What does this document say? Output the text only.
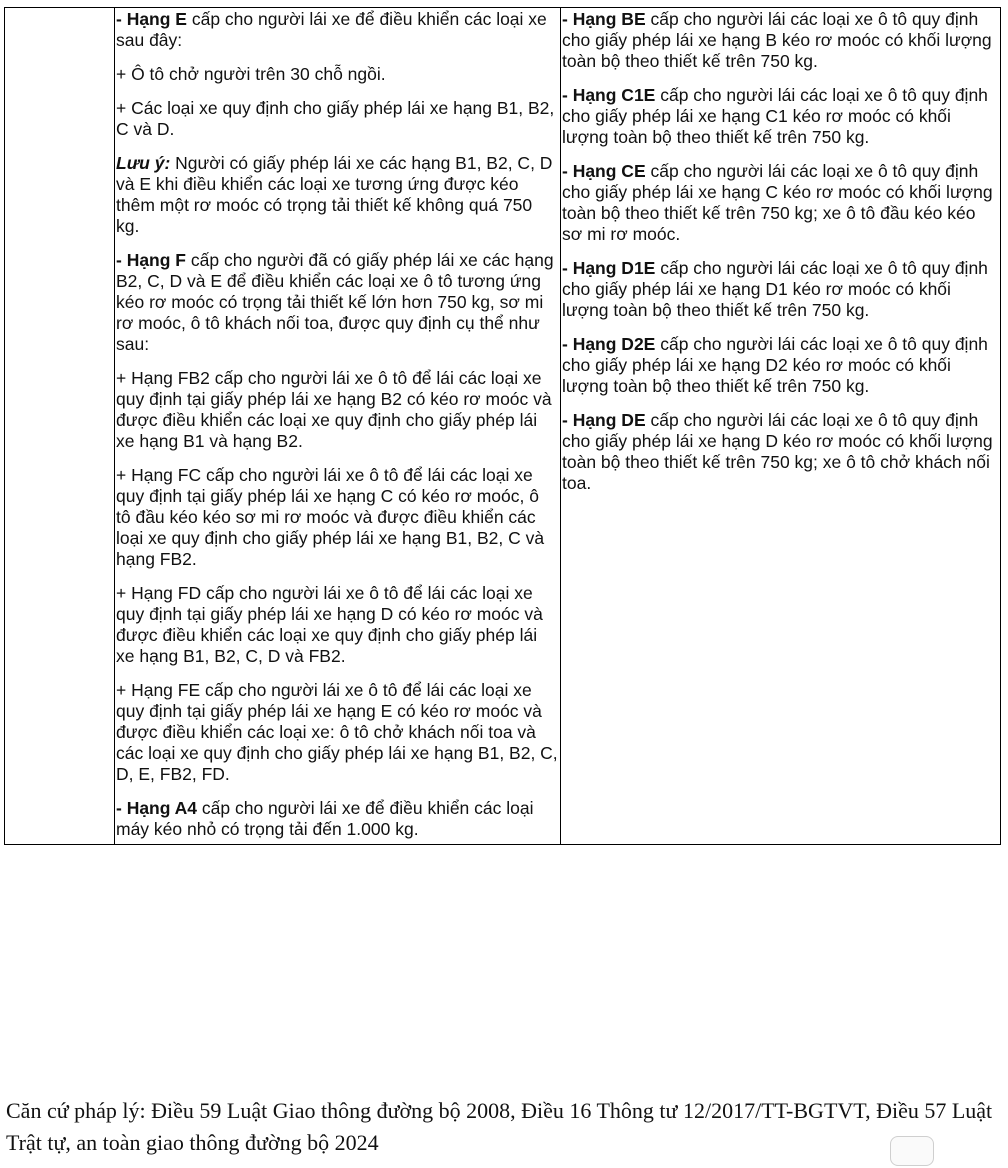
- Hạng E cấp cho người lái xe để điều khiển các loại xe sau đây:
+ Ô tô chở người trên 30 chỗ ngồi.
+ Các loại xe quy định cho giấy phép lái xe hạng B1, B2, C và D.
Lưu ý: Người có giấy phép lái xe các hạng B1, B2, C, D và E khi điều khiển các loại xe tương ứng được kéo thêm một rơ moóc có trọng tải thiết kế không quá 750 kg.
- Hạng F cấp cho người đã có giấy phép lái xe các hạng B2, C, D và E để điều khiển các loại xe ô tô tương ứng kéo rơ moóc có trọng tải thiết kế lớn hơn 750 kg, sơ mi rơ moóc, ô tô khách nối toa, được quy định cụ thể như sau:
+ Hạng FB2 cấp cho người lái xe ô tô để lái các loại xe quy định tại giấy phép lái xe hạng B2 có kéo rơ moóc và được điều khiển các loại xe quy định cho giấy phép lái xe hạng B1 và hạng B2.
+ Hạng FC cấp cho người lái xe ô tô để lái các loại xe quy định tại giấy phép lái xe hạng C có kéo rơ moóc, ô tô đầu kéo kéo sơ mi rơ moóc và được điều khiển các loại xe quy định cho giấy phép lái xe hạng B1, B2, C và hạng FB2.
+ Hạng FD cấp cho người lái xe ô tô để lái các loại xe quy định tại giấy phép lái xe hạng D có kéo rơ moóc và được điều khiển các loại xe quy định cho giấy phép lái xe hạng B1, B2, C, D và FB2.
+ Hạng FE cấp cho người lái xe ô tô để lái các loại xe quy định tại giấy phép lái xe hạng E có kéo rơ moóc và được điều khiển các loại xe: ô tô chở khách nối toa và các loại xe quy định cho giấy phép lái xe hạng B1, B2, C, D, E, FB2, FD.
- Hạng A4 cấp cho người lái xe để điều khiển các loại máy kéo nhỏ có trọng tải đến 1.000 kg.

- Hạng BE cấp cho người lái các loại xe ô tô quy định cho giấy phép lái xe hạng B kéo rơ moóc có khối lượng toàn bộ theo thiết kế trên 750 kg.
- Hạng C1E cấp cho người lái các loại xe ô tô quy định cho giấy phép lái xe hạng C1 kéo rơ moóc có khối lượng toàn bộ theo thiết kế trên 750 kg.
- Hạng CE cấp cho người lái các loại xe ô tô quy định cho giấy phép lái xe hạng C kéo rơ moóc có khối lượng toàn bộ theo thiết kế trên 750 kg; xe ô tô đầu kéo kéo sơ mi rơ moóc.
- Hạng D1E cấp cho người lái các loại xe ô tô quy định cho giấy phép lái xe hạng D1 kéo rơ moóc có khối lượng toàn bộ theo thiết kế trên 750 kg.
- Hạng D2E cấp cho người lái các loại xe ô tô quy định cho giấy phép lái xe hạng D2 kéo rơ moóc có khối lượng toàn bộ theo thiết kế trên 750 kg.
- Hạng DE cấp cho người lái các loại xe ô tô quy định cho giấy phép lái xe hạng D kéo rơ moóc có khối lượng toàn bộ theo thiết kế trên 750 kg; xe ô tô chở khách nối toa.
Căn cứ pháp lý: Điều 59 Luật Giao thông đường bộ 2008, Điều 16 Thông tư 12/2017/TT-BGTVT, Điều 57 Luật Trật tự, an toàn giao thông đường bộ 2024
